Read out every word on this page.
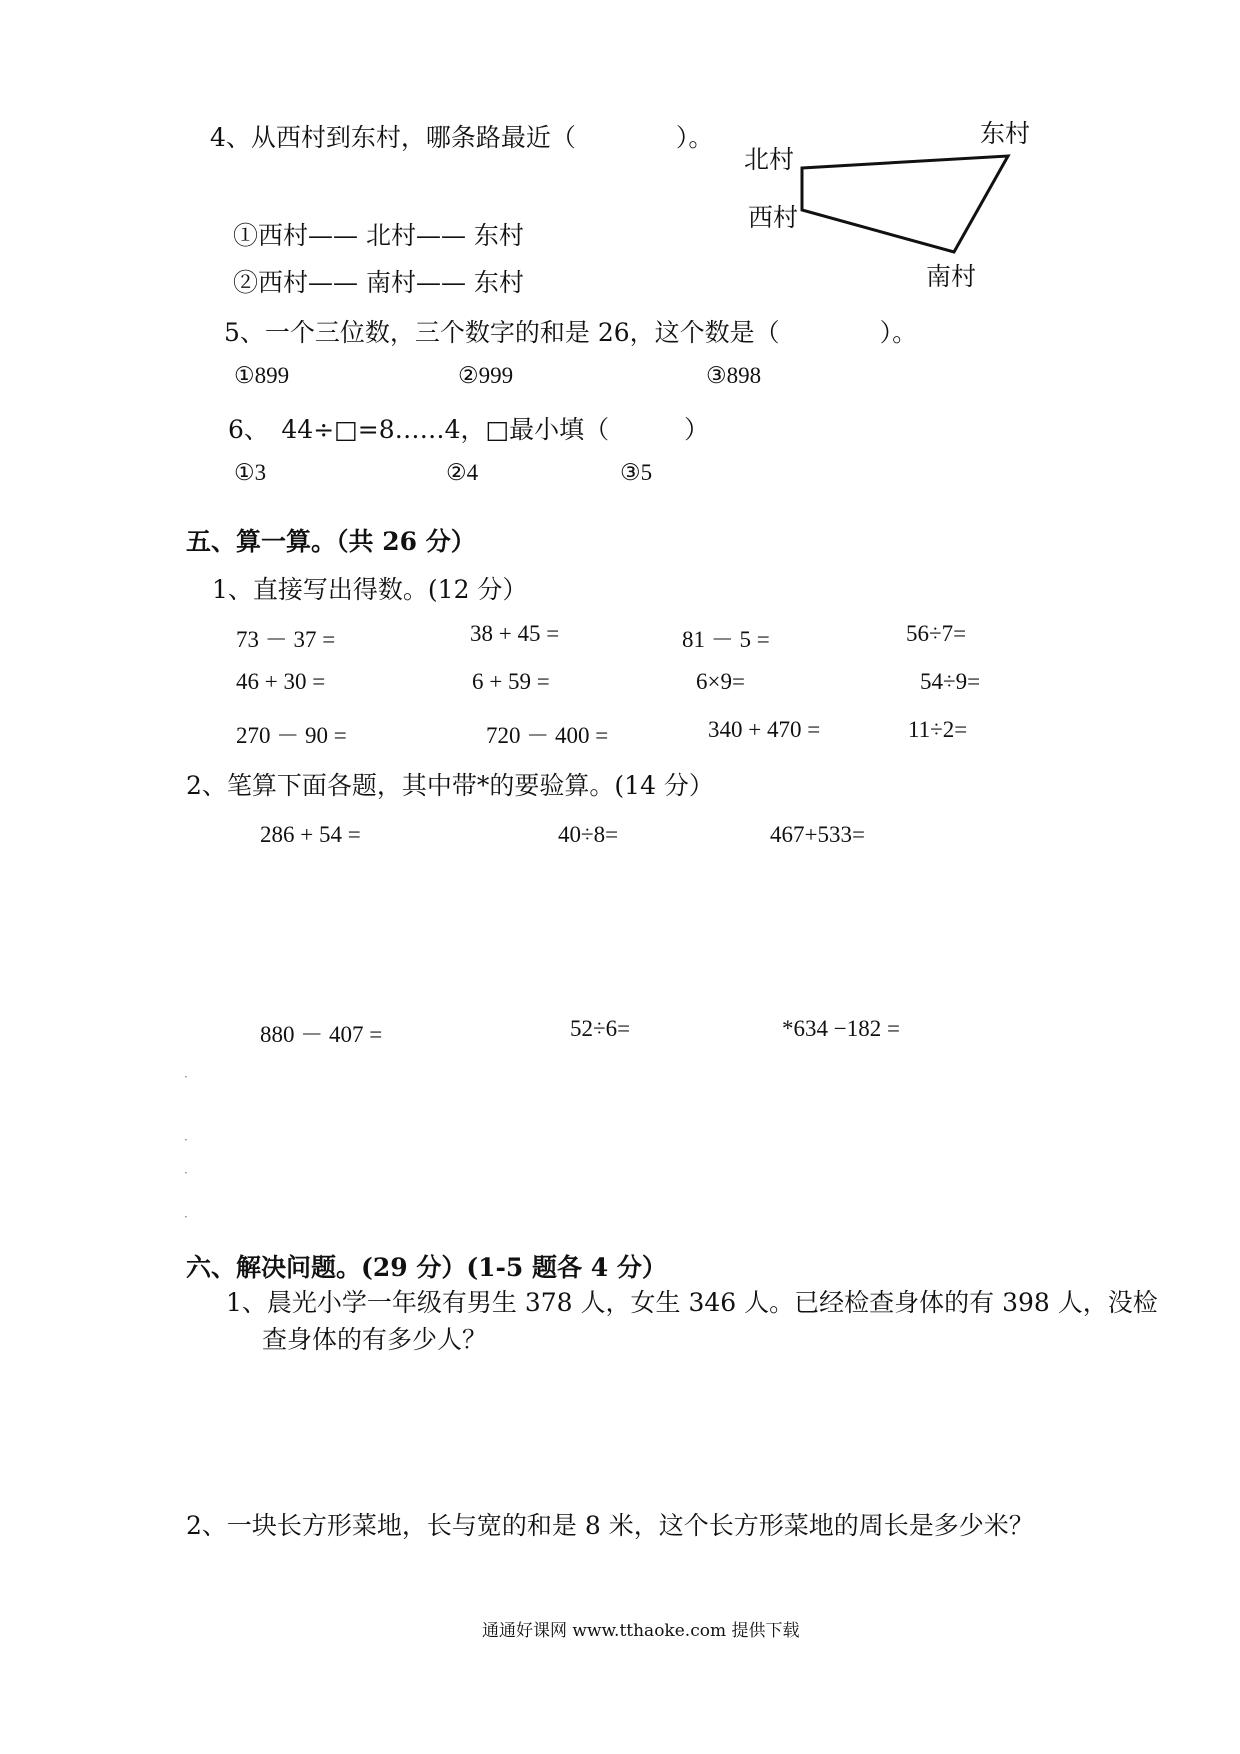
4、从西村到东村，哪条路最近（　　　　）。
①西村—— 北村—— 东村
②西村—— 南村—— 东村
东村
北村
西村
南村
5、一个三位数，三个数字的和是 26，这个数是（　　　　）。
①899	②999	③898
6、　44÷□=8……4，□最小填（　　　）
①3	②4	③5
五、算一算。（共 26 分）
1、直接写出得数。(12 分）
73 － 37 =	38 + 45 =	81 － 5 =	56÷7=
46 + 30 =	6 + 59 =	6×9=	54÷9=
270 － 90 =	720 － 400 =	340 + 470 =	11÷2=
2、笔算下面各题，其中带*的要验算。(14 分）
286 + 54 =	40÷8=	467+533=
880 － 407 =	52÷6=	*634 −182 =
·
·
·
·
六、解决问题。(29 分）(1-5 题各 4 分）
1、晨光小学一年级有男生 378 人，女生 346 人。已经检查身体的有 398 人，没检
查身体的有多少人？
2、一块长方形菜地，长与宽的和是 8 米，这个长方形菜地的周长是多少米？
通通好课网 www.tthaoke.com 提供下载
